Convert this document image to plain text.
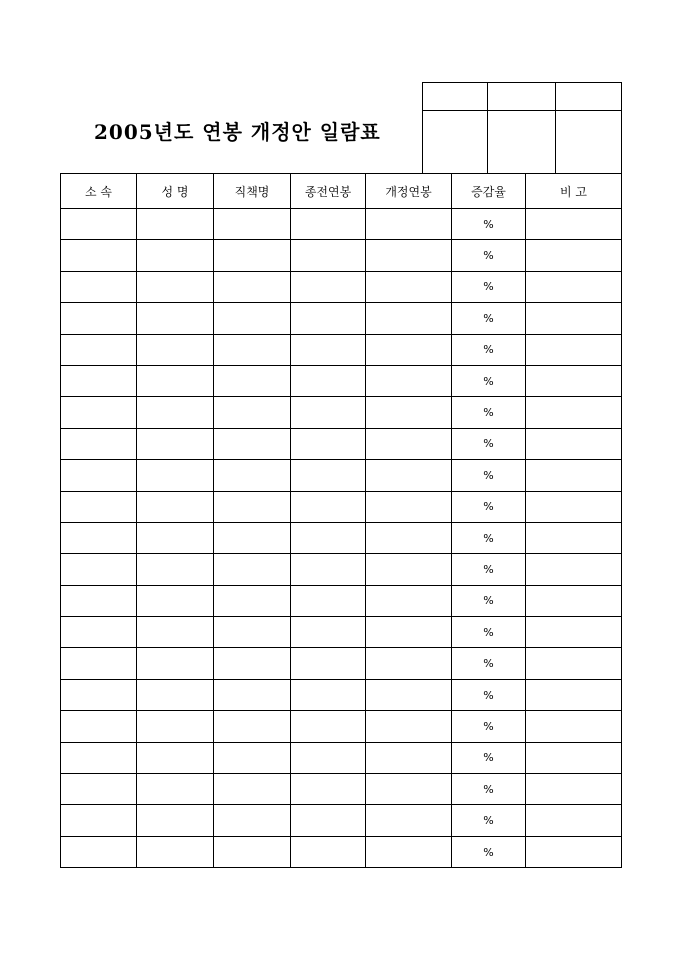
2005년도 연봉 개정안 일람표

소 속	성 명	직책명	종전연봉	개정연봉	증감율	비 고
					%	
					%	
					%	
					%	
					%	
					%	
					%	
					%	
					%	
					%	
					%	
					%	
					%	
					%	
					%	
					%	
					%	
					%	
					%	
					%	
					%	
